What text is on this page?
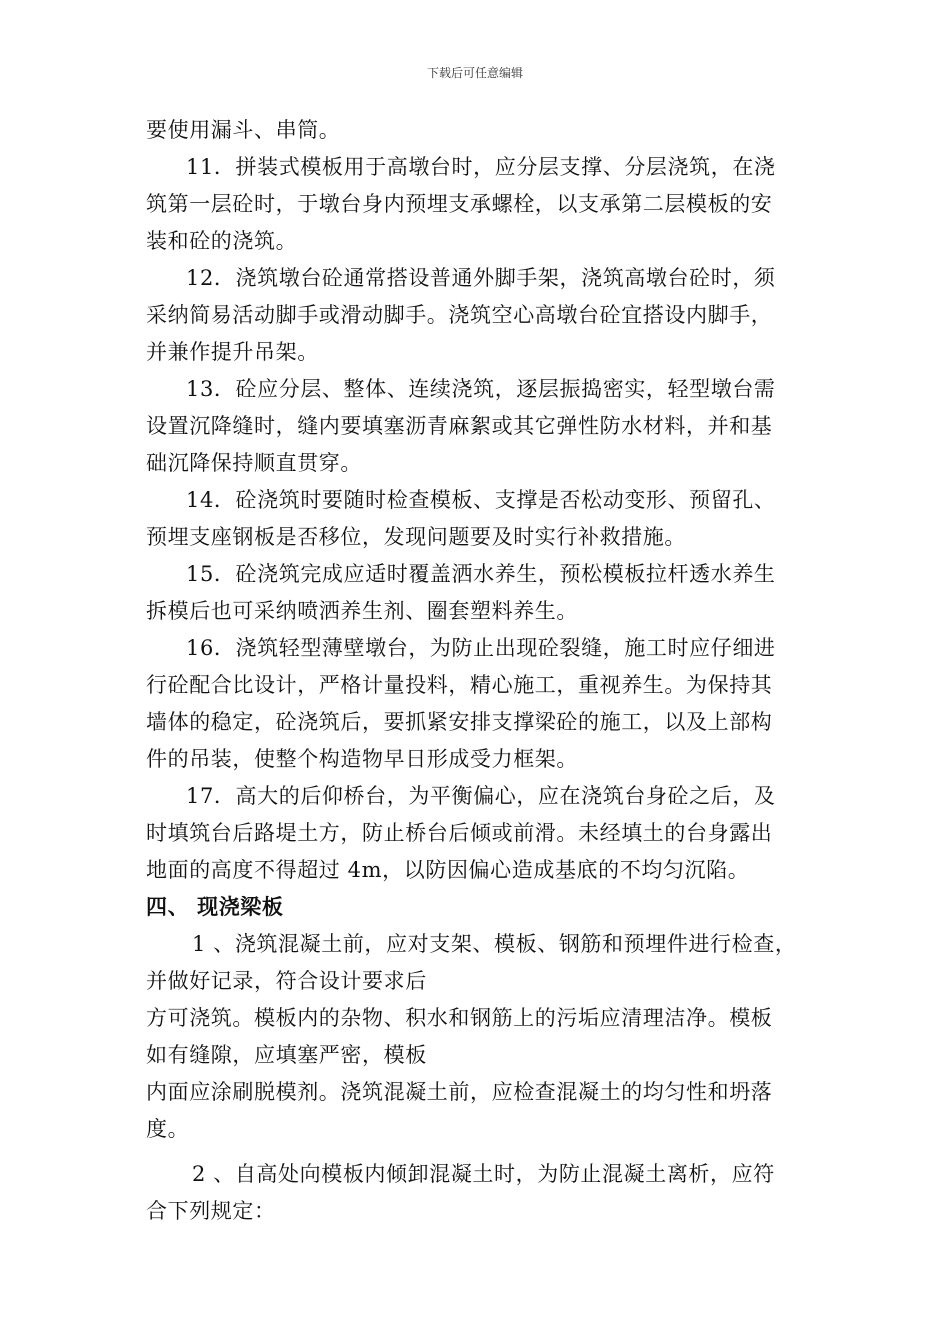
下载后可任意编辑
要使用漏斗、串筒。
11．拼装式模板用于高墩台时，应分层支撑、分层浇筑，在浇
筑第一层砼时，于墩台身内预埋支承螺栓，以支承第二层模板的安
装和砼的浇筑。
12．浇筑墩台砼通常搭设普通外脚手架，浇筑高墩台砼时，须
采纳简易活动脚手或滑动脚手。浇筑空心高墩台砼宜搭设内脚手，
并兼作提升吊架。
13．砼应分层、整体、连续浇筑，逐层振捣密实，轻型墩台需
设置沉降缝时，缝内要填塞沥青麻絮或其它弹性防水材料，并和基
础沉降保持顺直贯穿。
14．砼浇筑时要随时检查模板、支撑是否松动变形、预留孔、
预埋支座钢板是否移位，发现问题要及时实行补救措施。
15．砼浇筑完成应适时覆盖洒水养生，预松模板拉杆透水养生
拆模后也可采纳喷洒养生剂、圈套塑料养生。
16．浇筑轻型薄壁墩台，为防止出现砼裂缝，施工时应仔细进
行砼配合比设计，严格计量投料，精心施工，重视养生。为保持其
墙体的稳定，砼浇筑后，要抓紧安排支撑梁砼的施工，以及上部构
件的吊装，使整个构造物早日形成受力框架。
17．高大的后仰桥台，为平衡偏心，应在浇筑台身砼之后，及
时填筑台后路堤土方，防止桥台后倾或前滑。未经填土的台身露出
地面的高度不得超过 4m，以防因偏心造成基底的不均匀沉陷。
四、 现浇梁板
1 、浇筑混凝土前，应对支架、模板、钢筋和预埋件进行检查，
并做好记录，符合设计要求后
方可浇筑。模板内的杂物、积水和钢筋上的污垢应清理洁净。模板
如有缝隙，应填塞严密，模板
内面应涂刷脱模剂。浇筑混凝土前，应检查混凝土的均匀性和坍落
度。
2 、自高处向模板内倾卸混凝土时，为防止混凝土离析，应符
合下列规定：
